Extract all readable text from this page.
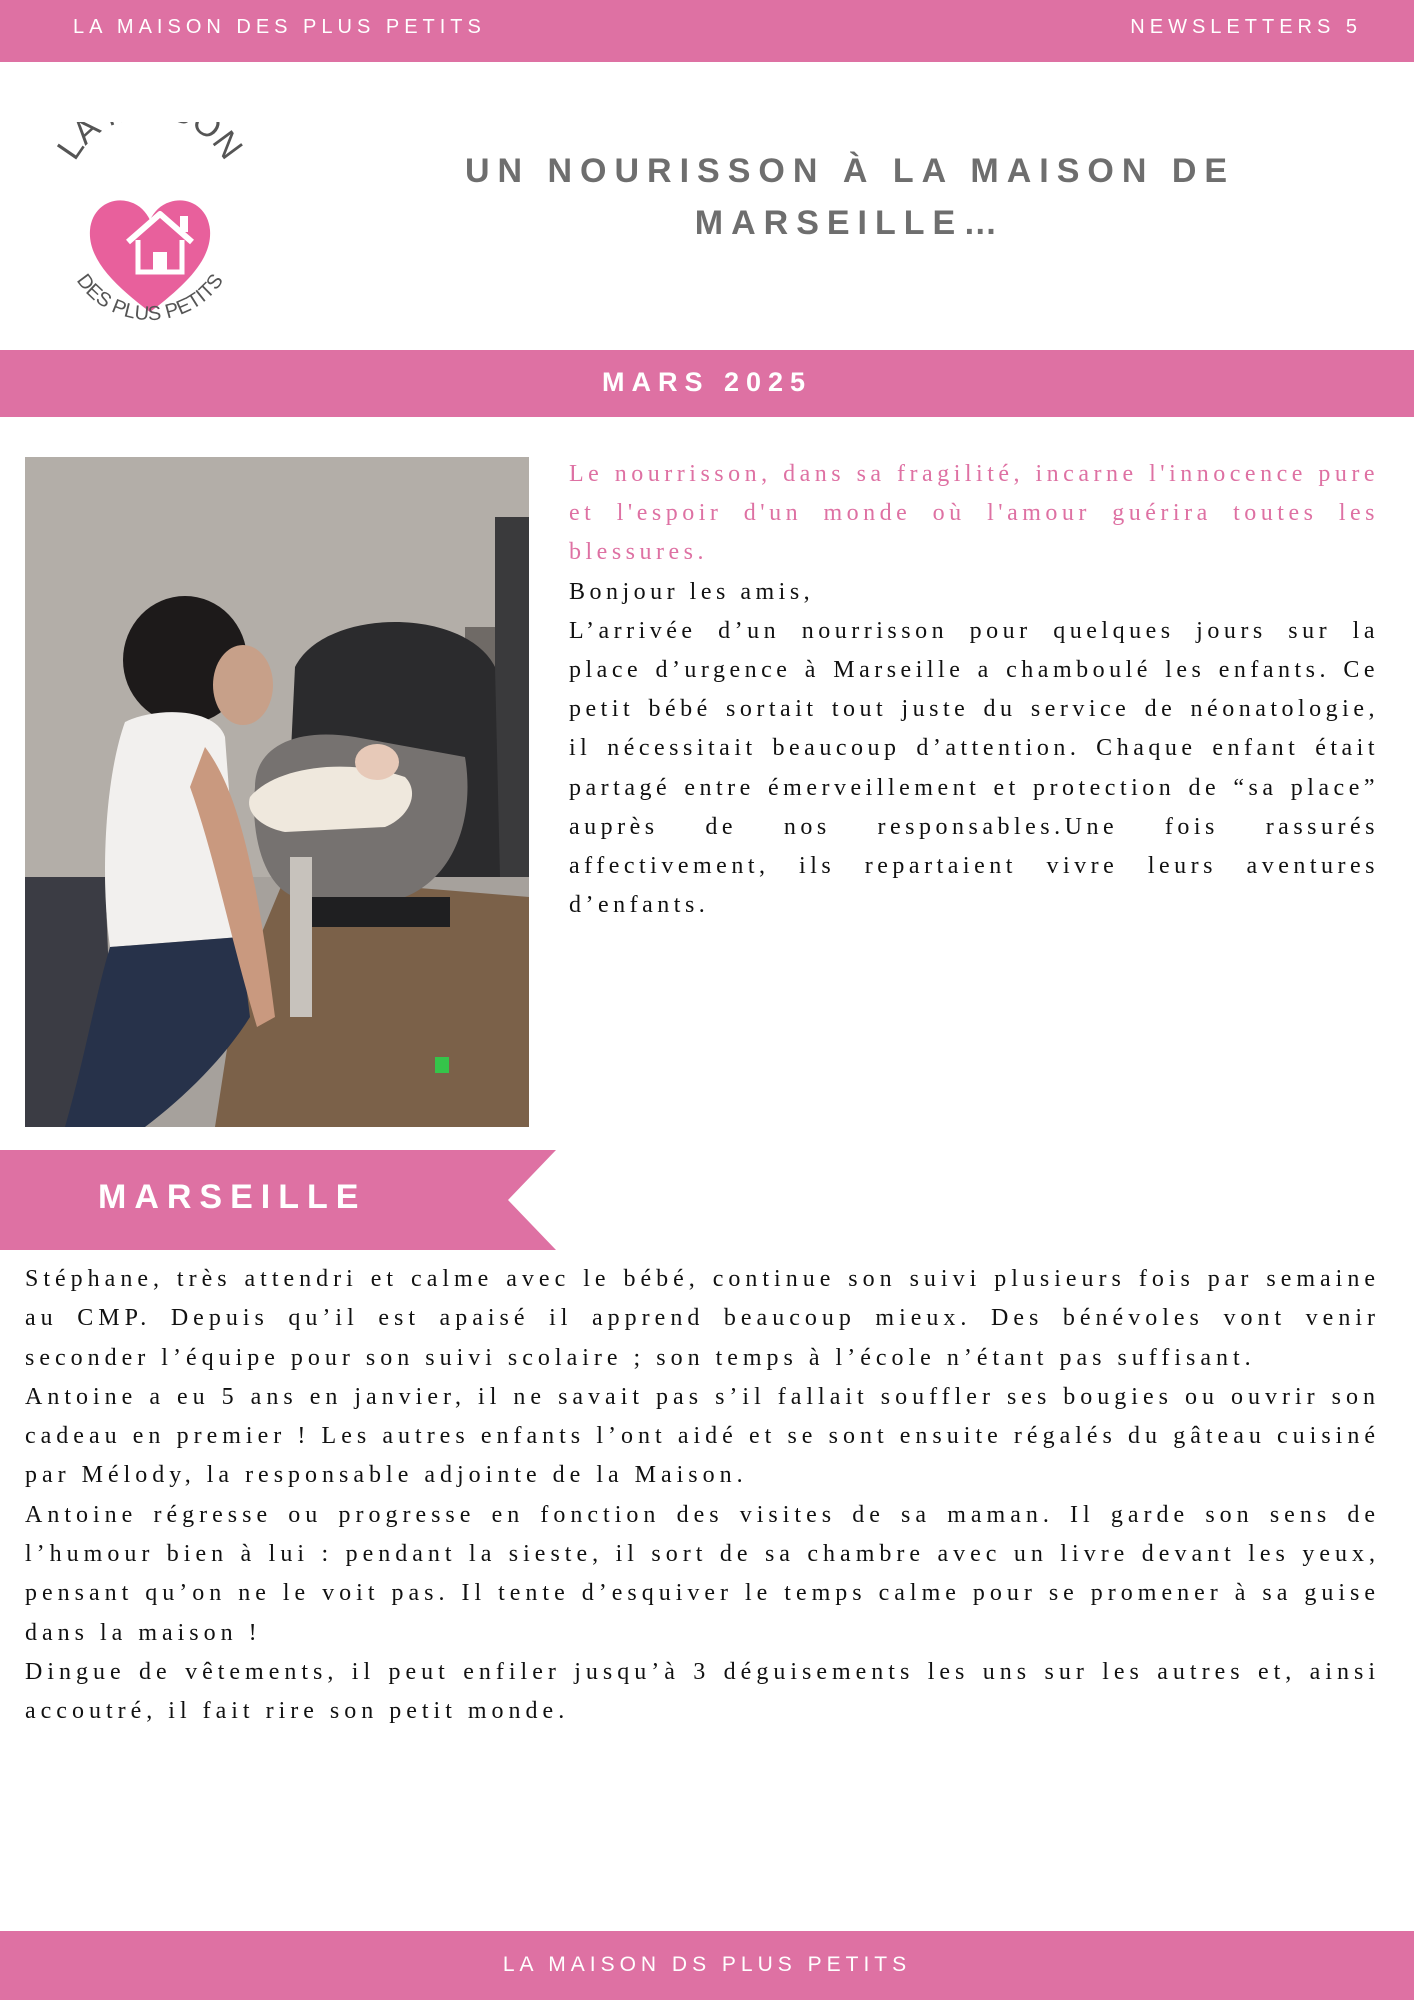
LA MAISON DES PLUS PETITS	NEWSLETTERS 5
LA ON
DES PLUS PETITS
UN NOURISSON À LA MAISON DE MARSEILLE…
MARS 2025

Le nourrisson, dans sa fragilité, incarne l'innocence pure et l'espoir d'un monde où l'amour guérira toutes les blessures.

Bonjour les amis,

L’arrivée d’un nourrisson pour quelques jours sur la place d’urgence à Marseille a chamboulé les enfants. Ce petit bébé sortait tout juste du service de néonatologie, il nécessitait beaucoup d’attention. Chaque enfant était partagé entre émerveillement et protection de “sa place” auprès de nos responsables.Une fois rassurés affectivement, ils repartaient vivre leurs aventures d’enfants.

MARSEILLE

Stéphane, très attendri et calme avec le bébé, continue son suivi plusieurs fois par semaine au CMP. Depuis qu’il est apaisé il apprend beaucoup mieux. Des bénévoles vont venir seconder l’équipe pour son suivi scolaire ; son temps à l’école n’étant pas suffisant.

Antoine a eu 5 ans en janvier, il ne savait pas s’il fallait souffler ses bougies ou ouvrir son cadeau en premier ! Les autres enfants l’ont aidé et se sont ensuite régalés du gâteau cuisiné par Mélody, la responsable adjointe de la Maison.

Antoine régresse ou progresse en fonction des visites de sa maman. Il garde son sens de l’humour bien à lui : pendant la sieste, il sort de sa chambre avec un livre devant les yeux, pensant qu’on ne le voit pas. Il tente d’esquiver le temps calme pour se promener à sa guise dans la maison !

Dingue de vêtements, il peut enfiler jusqu’à 3 déguisements les uns sur les autres et, ainsi accoutré, il fait rire son petit monde.

LA MAISON DS PLUS PETITS
